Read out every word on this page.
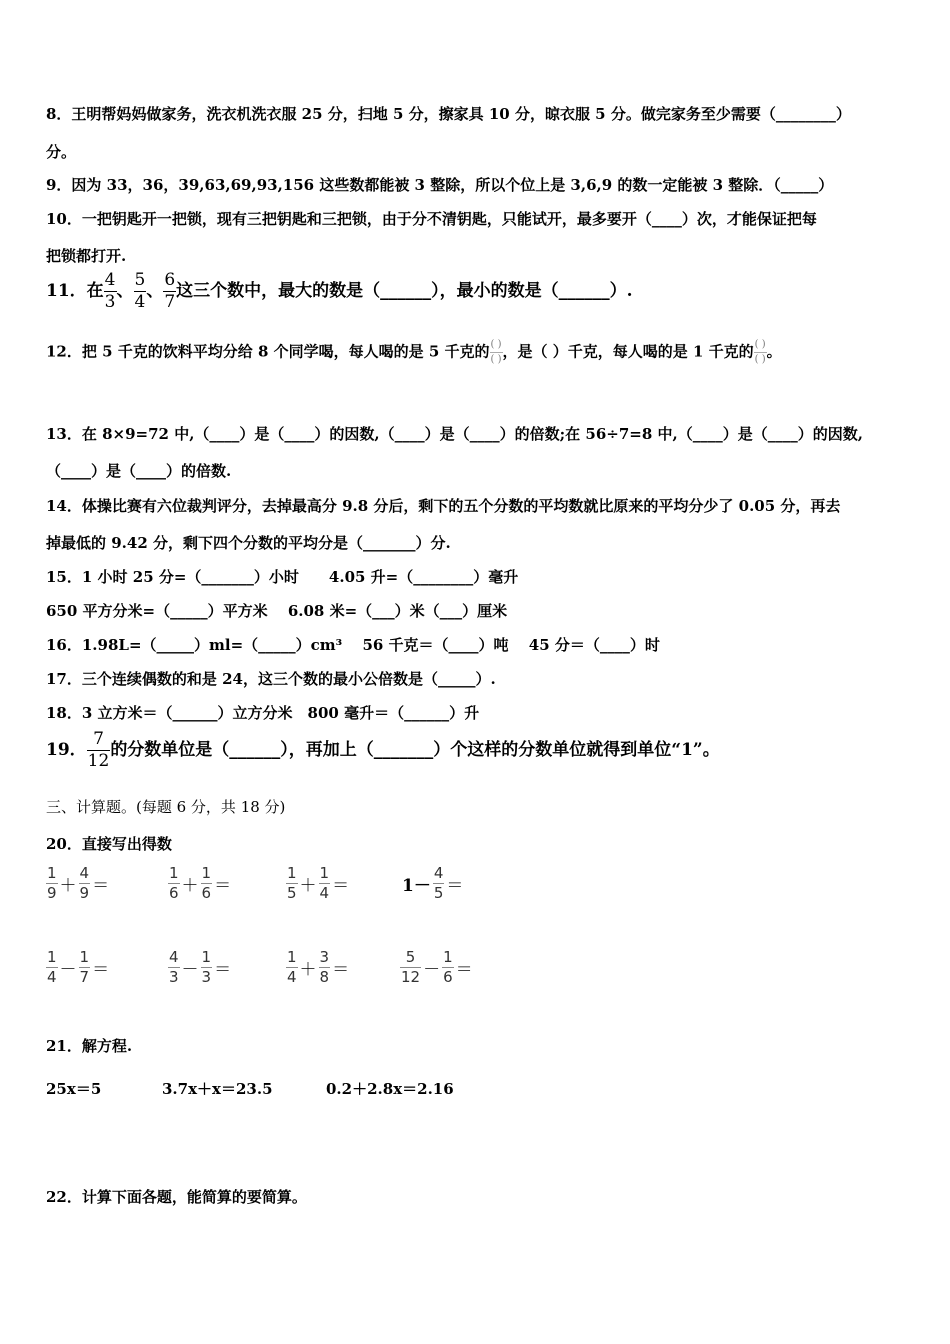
8．王明帮妈妈做家务，洗衣机洗衣服 25 分，扫地 5 分，擦家具 10 分，晾衣服 5 分。做完家务至少需要（________）
分。
9．因为 33，36，39,63,69,93,156 这些数都能被 3 整除，所以个位上是 3,6,9 的数一定能被 3 整除．（_____）
10．一把钥匙开一把锁，现有三把钥匙和三把锁，由于分不清钥匙，只能试开，最多要开（____）次，才能保证把每
把锁都打开.
11．在 $\frac{4}{3}$ 、 $\frac{5}{4}$ 、 $\frac{6}{7}$ 这三个数中，最大的数是（______），最小的数是（______）.
12．把 5 千克的饮料平均分给 8 个同学喝，每人喝的是 5 千克的 $\frac{( )}{( )}$ ，是（ ）千克，每人喝的是 1 千克的 $\frac{( )}{( )}$ 。
13．在 8×9=72 中,（____）是（____）的因数,（____）是（____）的倍数;在 56÷7=8 中,（____）是（____）的因数,
（____）是（____）的倍数.
14．体操比赛有六位裁判评分，去掉最高分 9.8 分后，剩下的五个分数的平均数就比原来的平均分少了 0.05 分，再去
掉最低的 9.42 分，剩下四个分数的平均分是（_______）分.
15．1 小时 25 分=（_______）小时　　4.05 升=（________）毫升
650 平方分米=（_____）平方米　 6.08 米=（___）米（___）厘米
16．1.98L=（_____）ml=（_____）cm³　 56 千克＝（____）吨　 45 分＝（____）时
17．三个连续偶数的和是 24，这三个数的最小公倍数是（_____）.
18．3 立方米＝（______）立方分米　800 毫升＝（______）升
19． $\frac{7}{12}$ 的分数单位是（______），再加上（_______）个这样的分数单位就得到单位“1”。
三、计算题。(每题 6 分，共 18 分)
20．直接写出得数
$\frac{1}{9} + \frac{4}{9}$ ＝	$\frac{1}{6} + \frac{1}{6}$ ＝	$\frac{1}{5} + \frac{1}{4}$ ＝	$1- \frac{4}{5}$ ＝
$\frac{1}{4} - \frac{1}{7}$ ＝	$\frac{4}{3} - \frac{1}{3}$ ＝	$\frac{1}{4} + \frac{3}{8}$ ＝	$\frac{5}{12} - \frac{1}{6}$ ＝
21．解方程.
25x＝5	3.7x＋x＝23.5	0.2＋2.8x＝2.16
22．计算下面各题，能简算的要简算。
